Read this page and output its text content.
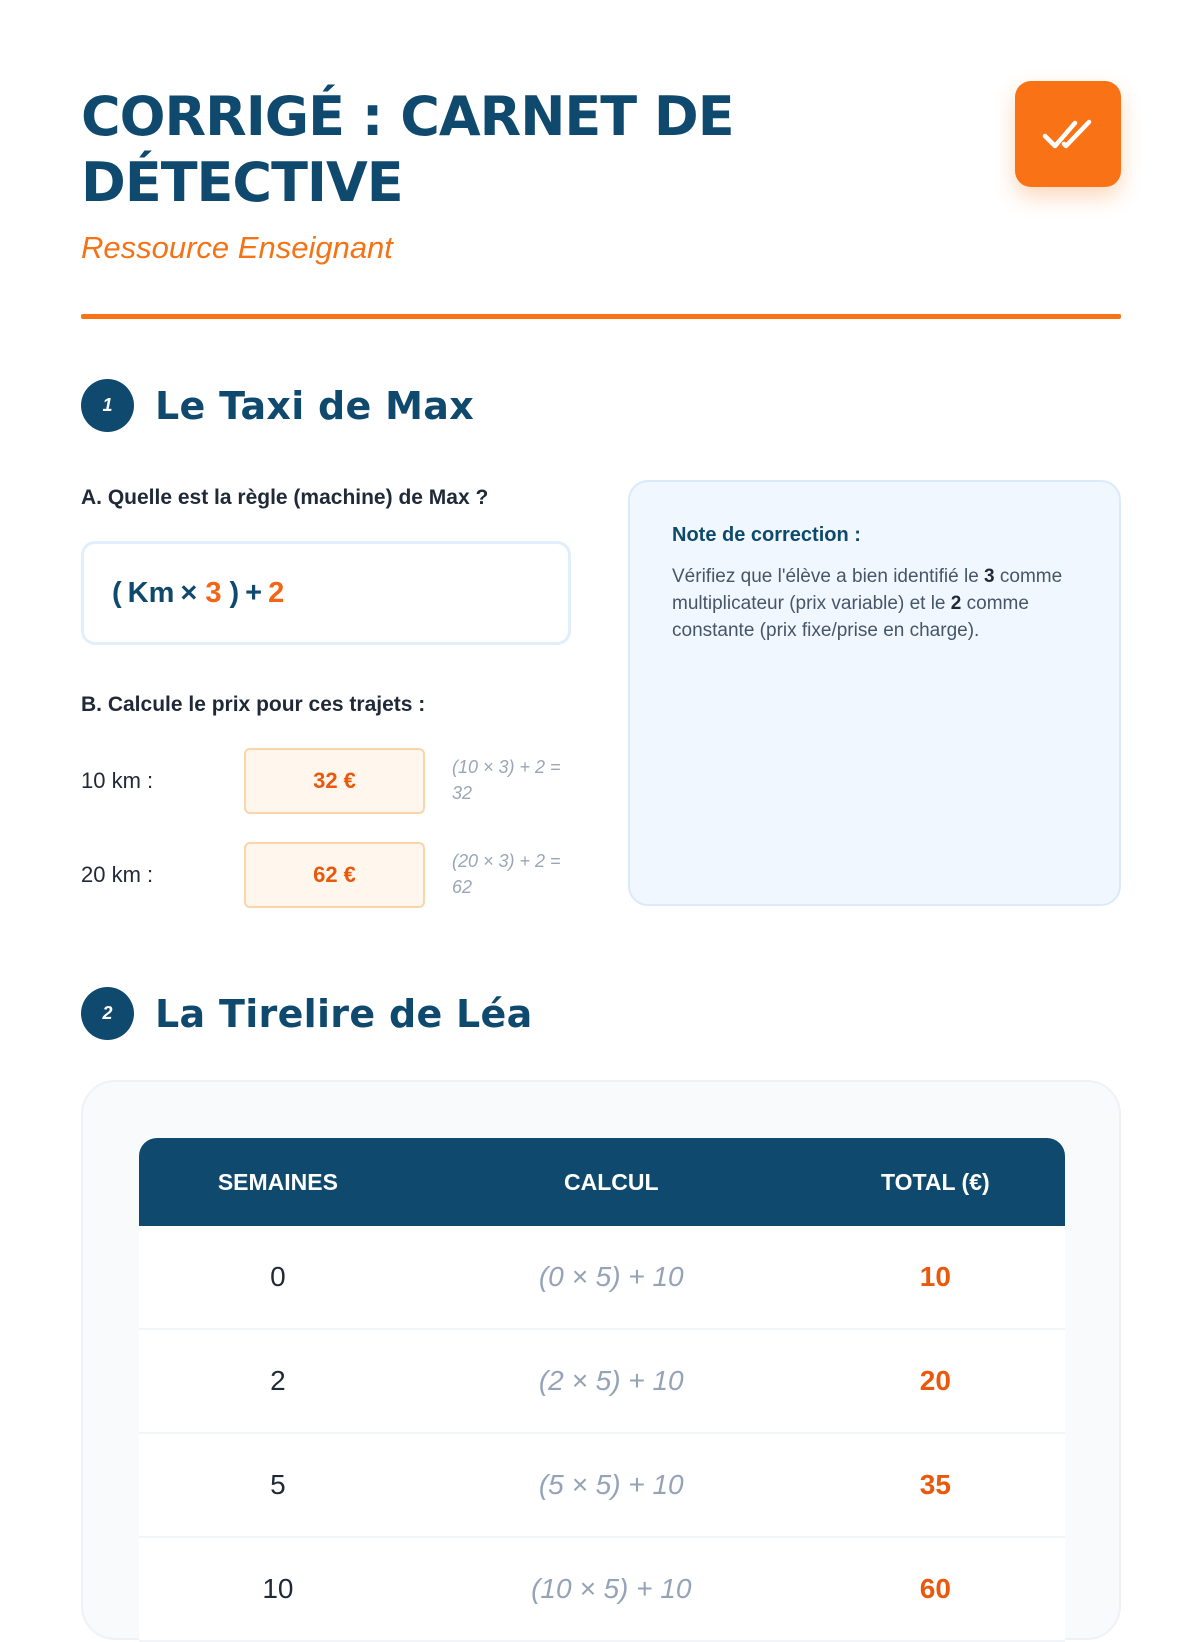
CORRIGÉ : CARNET DE DÉTECTIVE
Ressource Enseignant
1	Le Taxi de Max
A. Quelle est la règle (machine) de Max ?
( Km × 3 ) + 2
B. Calcule le prix pour ces trajets :
10 km :	32 €
(10 × 3) + 2 = 32
20 km :	62 €
(20 × 3) + 2 = 62
Note de correction :
Vérifiez que l'élève a bien identifié le 3 comme multiplicateur (prix variable) et le 2 comme constante (prix fixe/prise en charge).
2	La Tirelire de Léa
SEMAINES	CALCUL	TOTAL (€)
0	(0 × 5) + 10	10
2	(2 × 5) + 10	20
5	(5 × 5) + 10	35
10	(10 × 5) + 10	60
